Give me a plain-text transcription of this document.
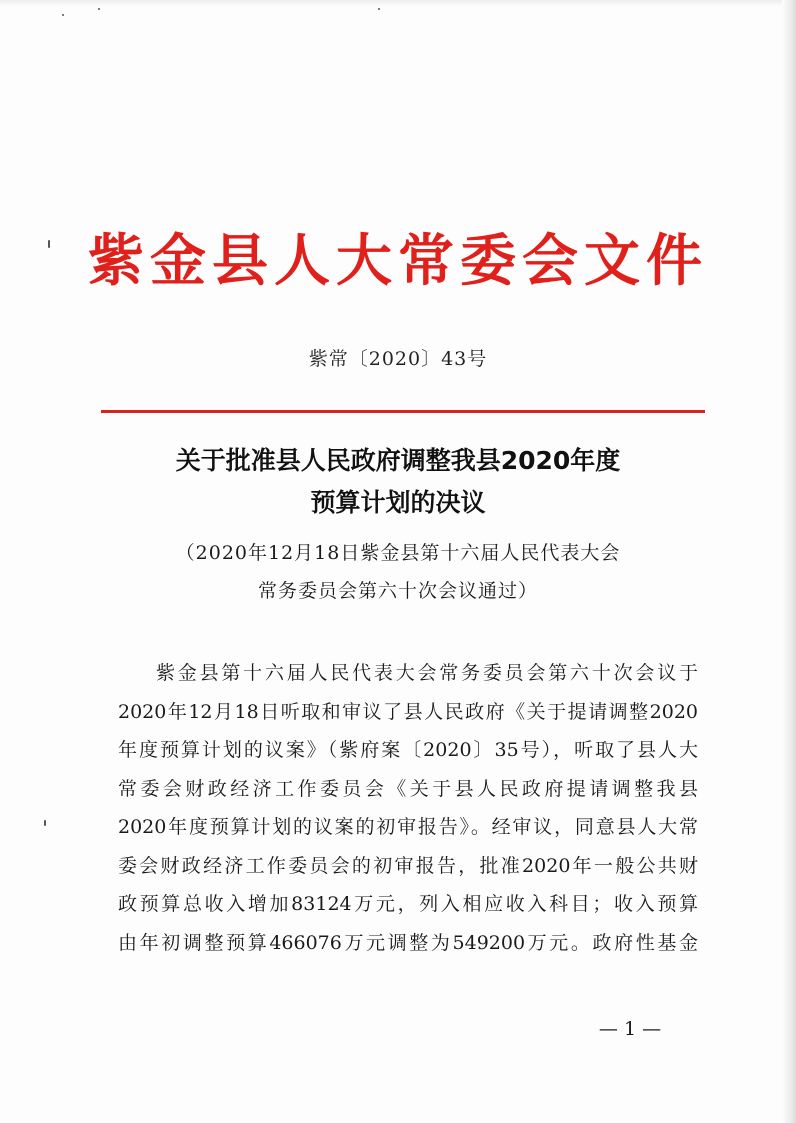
紫金县人大常委会文件
紫常〔2020〕43号
关于批准县人民政府调整我县2020年度
预算计划的决议
（2020年12月18日紫金县第十六届人民代表大会
常务委员会第六十次会议通过）
紫金县第十六届人民代表大会常务委员会第六十次会议于
2020年12月18日听取和审议了县人民政府《关于提请调整2020
年度预算计划的议案》（紫府案〔2020〕35号），听取了县人大
常委会财政经济工作委员会《关于县人民政府提请调整我县
2020年度预算计划的议案的初审报告》。经审议，同意县人大常
委会财政经济工作委员会的初审报告，批准2020年一般公共财
政预算总收入增加83124万元，列入相应收入科目；收入预算
由年初调整预算466076万元调整为549200万元。政府性基金
— 1 —
